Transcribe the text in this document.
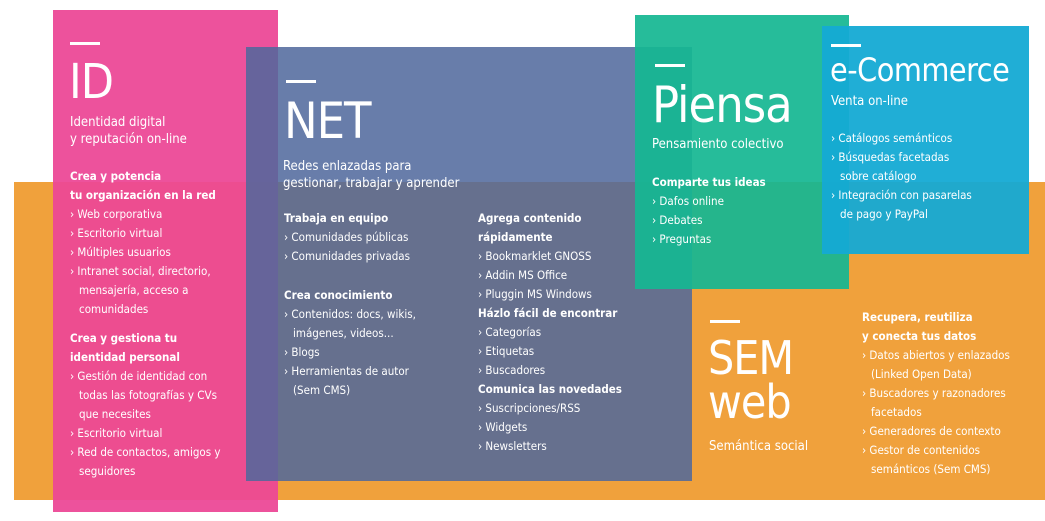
ID
Identidad digital
y reputación on-line
Crea y potencia
tu organización en la red
› Web corporativa
› Escritorio virtual
› Múltiples usuarios
› Intranet social, directorio,
mensajería, acceso a
comunidades
Crea y gestiona tu
identidad personal
› Gestión de identidad con
todas las fotografías y CVs
que necesites
› Escritorio virtual
› Red de contactos, amigos y
seguidores
NET
Redes enlazadas para
gestionar, trabajar y aprender
Trabaja en equipo
› Comunidades públicas
› Comunidades privadas
Crea conocimiento
› Contenidos: docs, wikis,
imágenes, videos...
› Blogs
› Herramientas de autor
(Sem CMS)
Agrega contenido
rápidamente
› Bookmarklet GNOSS
› Addin MS Office
› Pluggin MS Windows
Házlo fácil de encontrar
› Categorías
› Etiquetas
› Buscadores
Comunica las novedades
› Suscripciones/RSS
› Widgets
› Newsletters
Piensa
Pensamiento colectivo
Comparte tus ideas
› Dafos online
› Debates
› Preguntas
e-Commerce
Venta on-line
› Catálogos semánticos
› Búsquedas facetadas
sobre catálogo
› Integración con pasarelas
de pago y PayPal
SEM
web
Semántica social
Recupera, reutiliza
y conecta tus datos
› Datos abiertos y enlazados
(Linked Open Data)
› Buscadores y razonadores
facetados
› Generadores de contexto
› Gestor de contenidos
semánticos (Sem CMS)
